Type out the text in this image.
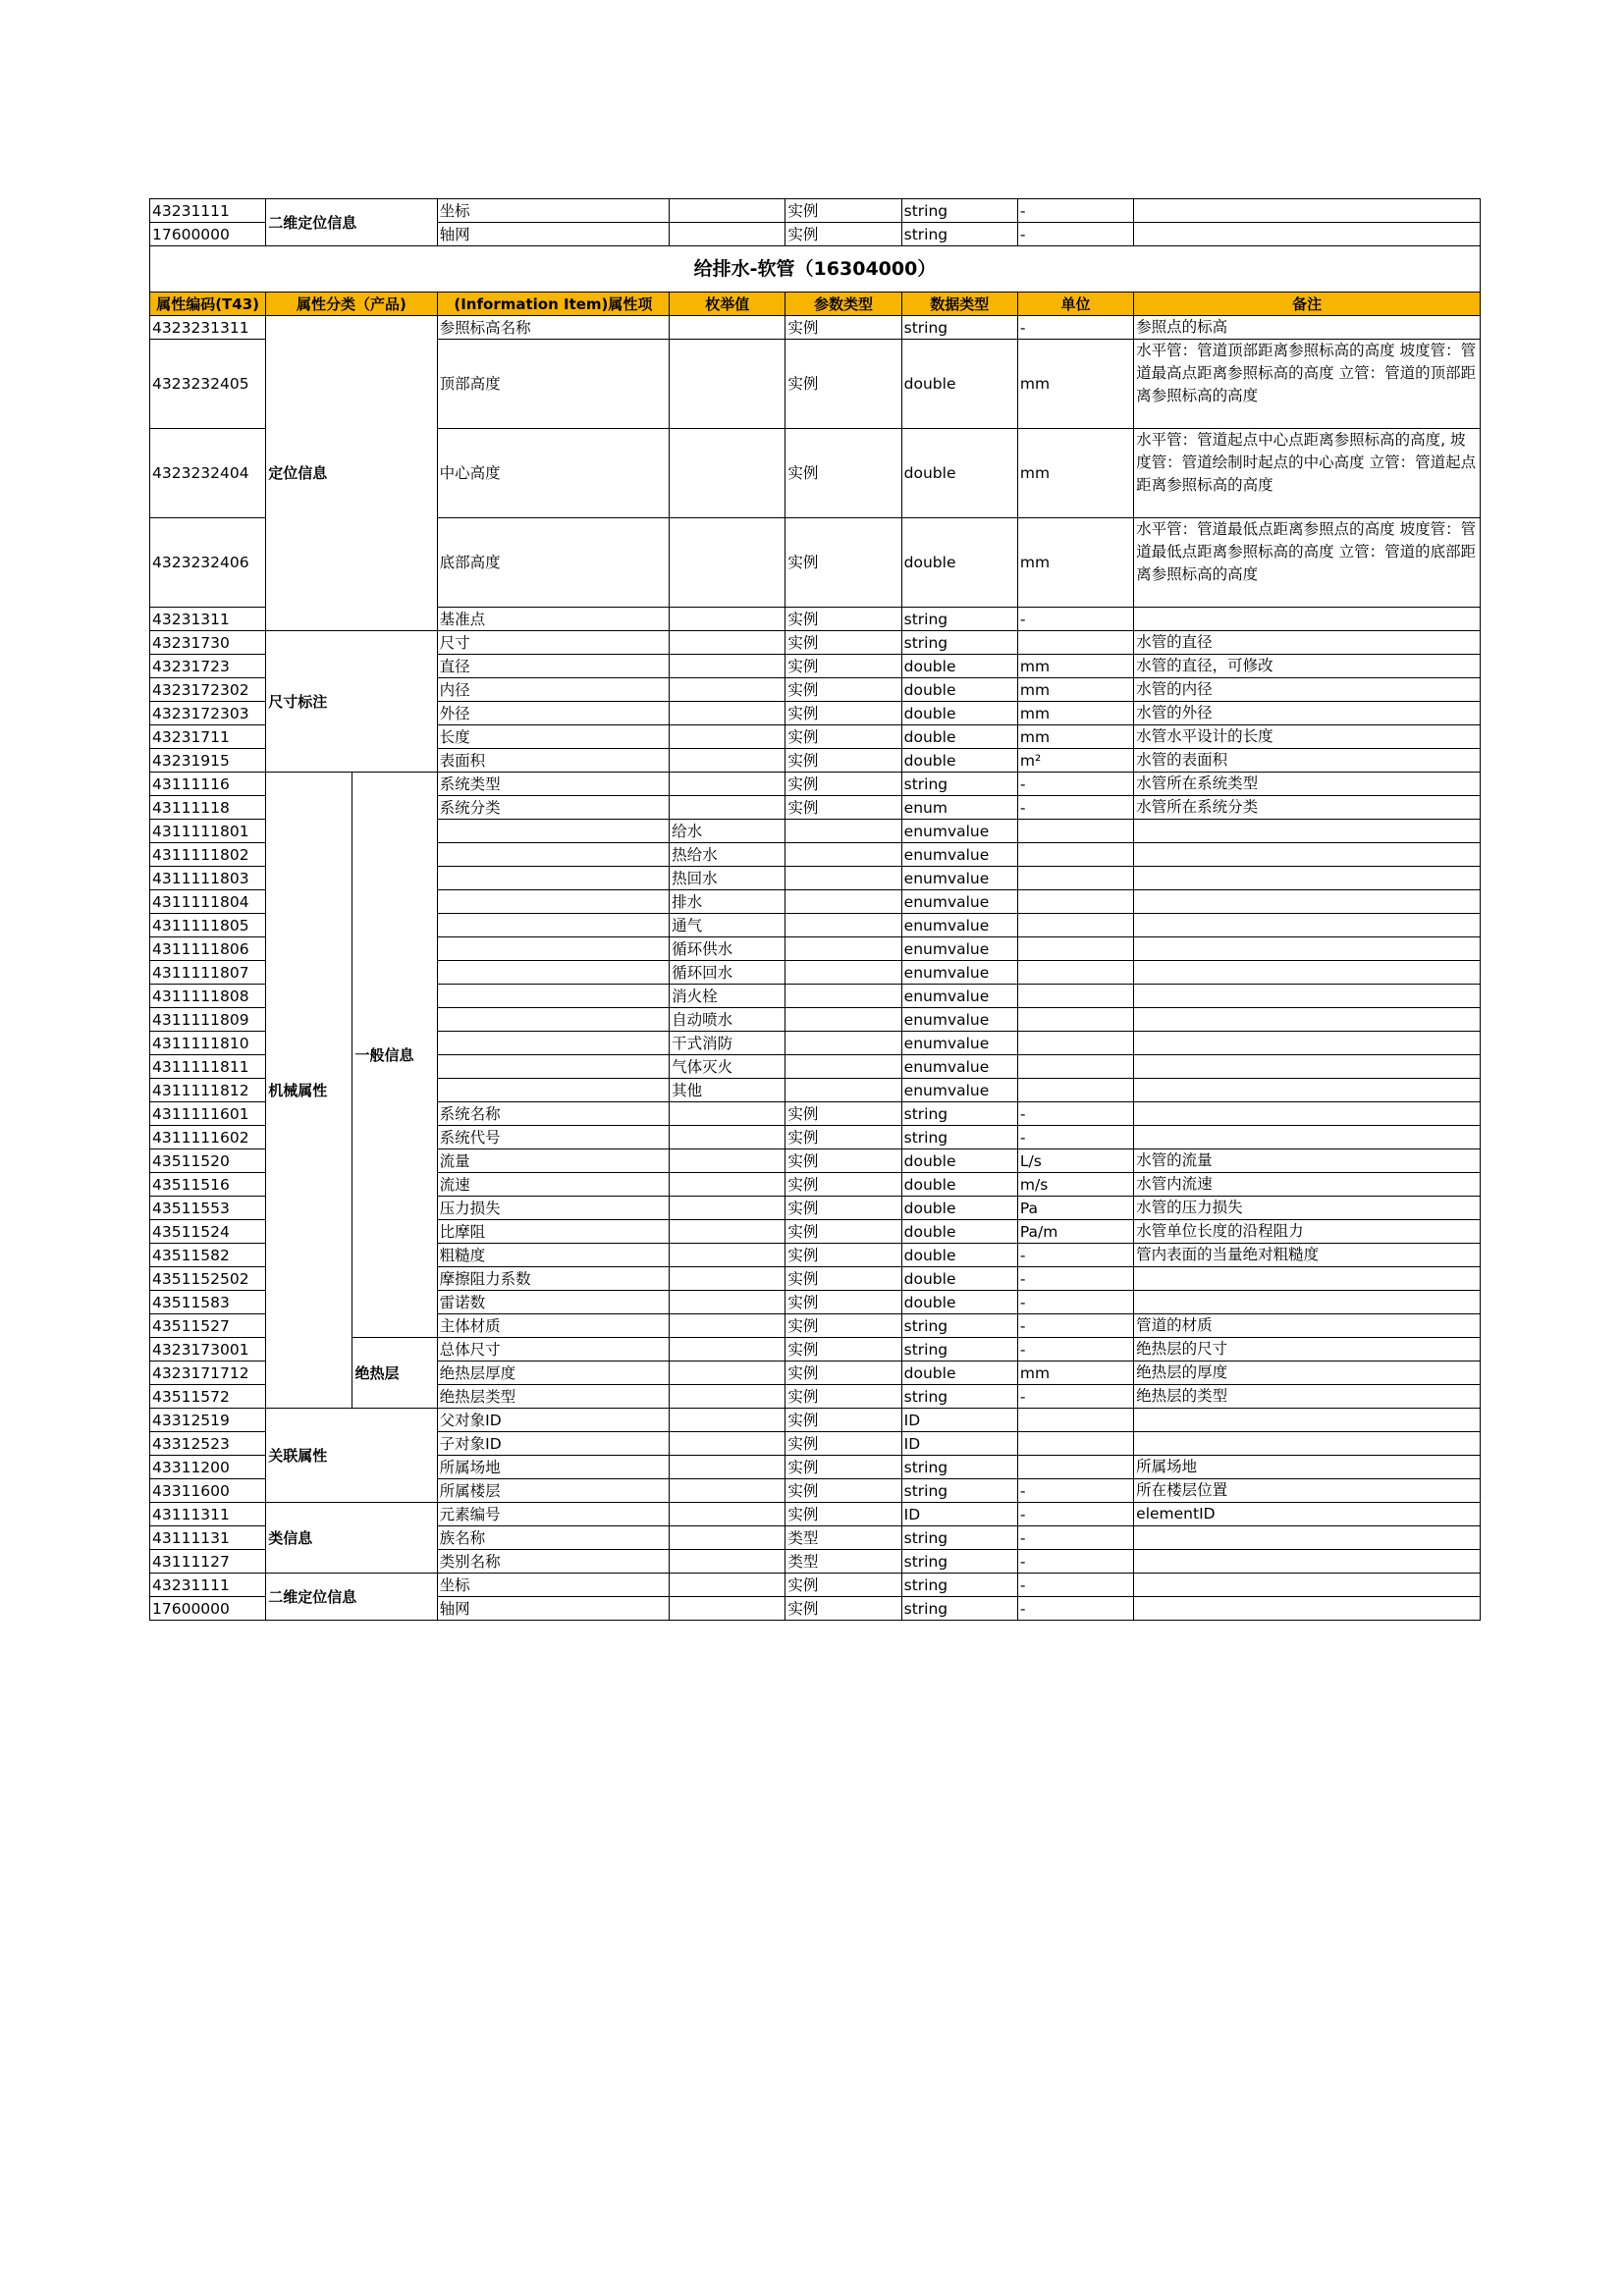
43231111	二维定位信息		坐标		实例	string	-	
17600000			轴网		实例	string	-	
给排水-软管（16304000）								
属性编码(T43)	属性分类（产品)		(Information Item)属性项	枚举值	参数类型	数据类型	单位	备注
4323231311	定位信息		参照标高名称		实例	string	-	参照点的标高
4323232405			顶部高度		实例	double	mm	水平管：管道顶部距离参照标高的高度 坡度管：管道最高点距离参照标高的高度 立管：管道的顶部距离参照标高的高度
4323232404			中心高度		实例	double	mm	水平管：管道起点中心点距离参照标高的高度, 坡度管：管道绘制时起点的中心高度 立管：管道起点距离参照标高的高度
4323232406			底部高度		实例	double	mm	水平管：管道最低点距离参照点的高度 坡度管：管道最低点距离参照标高的高度 立管：管道的底部距离参照标高的高度
43231311			基准点		实例	string	-	
43231730	尺寸标注		尺寸		实例	string		水管的直径
43231723			直径		实例	double	mm	水管的直径，可修改
4323172302			内径		实例	double	mm	水管的内径
4323172303			外径		实例	double	mm	水管的外径
43231711			长度		实例	double	mm	水管水平设计的长度
43231915			表面积		实例	double	m²	水管的表面积
43111116	机械属性	一般信息	系统类型		实例	string	-	水管所在系统类型
43111118			系统分类		实例	enum	-	水管所在系统分类
4311111801				给水		enumvalue		
4311111802				热给水		enumvalue		
4311111803				热回水		enumvalue		
4311111804				排水		enumvalue		
4311111805				通气		enumvalue		
4311111806				循环供水		enumvalue		
4311111807				循环回水		enumvalue		
4311111808				消火栓		enumvalue		
4311111809				自动喷水		enumvalue		
4311111810				干式消防		enumvalue		
4311111811				气体灭火		enumvalue		
4311111812				其他		enumvalue		
4311111601			系统名称		实例	string	-	
4311111602			系统代号		实例	string	-	
43511520			流量		实例	double	L/s	水管的流量
43511516			流速		实例	double	m/s	水管内流速
43511553			压力损失		实例	double	Pa	水管的压力损失
43511524			比摩阻		实例	double	Pa/m	水管单位长度的沿程阻力
43511582			粗糙度		实例	double	-	管内表面的当量绝对粗糙度
4351152502			摩擦阻力系数		实例	double	-	
43511583			雷诺数		实例	double	-	
43511527			主体材质		实例	string	-	管道的材质
4323173001		绝热层	总体尺寸		实例	string	-	绝热层的尺寸
4323171712			绝热层厚度		实例	double	mm	绝热层的厚度
43511572			绝热层类型		实例	string	-	绝热层的类型
43312519	关联属性		父对象ID		实例	ID		
43312523			子对象ID		实例	ID		
43311200			所属场地		实例	string		所属场地
43311600			所属楼层		实例	string	-	所在楼层位置
43111311	类信息		元素编号		实例	ID	-	elementID
43111131			族名称		类型	string	-	
43111127			类别名称		类型	string	-	
43231111	二维定位信息		坐标		实例	string	-	
17600000			轴网		实例	string	-	
